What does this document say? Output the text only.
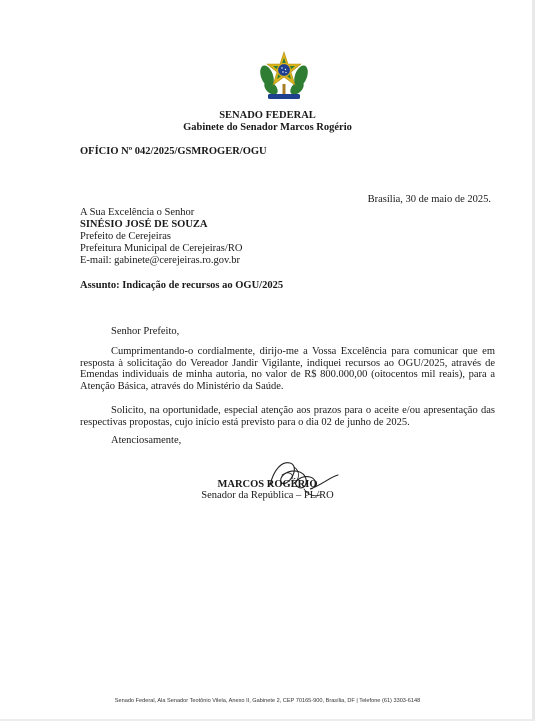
SENADO FEDERAL
Gabinete do Senador Marcos Rogério
OFÍCIO Nº 042/2025/GSMROGER/OGU
Brasília, 30 de maio de 2025.
A Sua Excelência o Senhor
SINÉSIO JOSÉ DE SOUZA
Prefeito de Cerejeiras
Prefeitura Municipal de Cerejeiras/RO
E-mail: gabinete@cerejeiras.ro.gov.br
Assunto: Indicação de recursos ao OGU/2025
Senhor Prefeito,

Cumprimentando-o cordialmente, dirijo-me a Vossa Excelência para comunicar que em resposta à solicitação do Vereador Jandir Vigilante, indiquei recursos ao OGU/2025, através de Emendas individuais de minha autoria, no valor de R$ 800.000,00 (oitocentos mil reais), para a Atenção Básica, através do Ministério da Saúde.

Solicito, na oportunidade, especial atenção aos prazos para o aceite e/ou apresentação das respectivas propostas, cujo início está previsto para o dia 02 de junho de 2025.

Atenciosamente,
MARCOS ROGÉRIO
Senador da República – PL/RO
Senado Federal, Ala Senador Teotônio Vilela, Anexo II, Gabinete 2, CEP 70165-900, Brasília, DF | Telefone (61) 3303-6148
